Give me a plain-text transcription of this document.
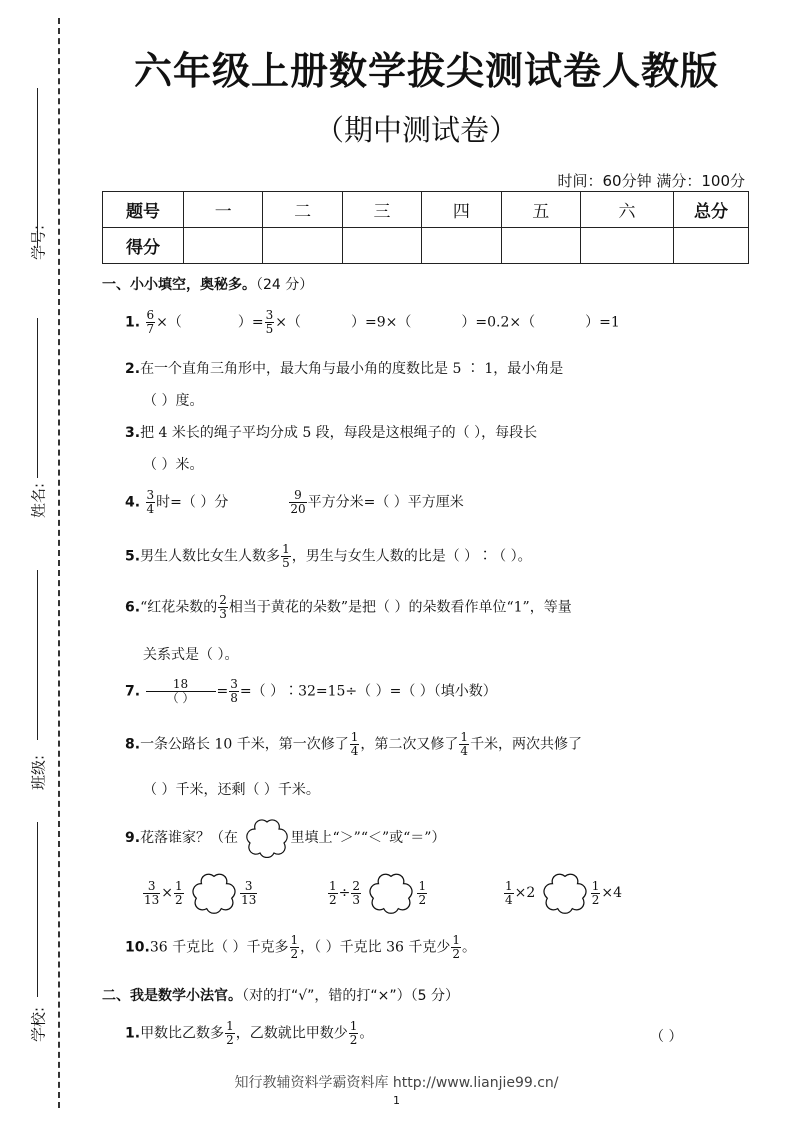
学号:
姓名:
班级:
学校:
六年级上册数学拔尖测试卷人教版
（期中测试卷）
时间：60分钟 满分：100分
题号	一	二	三	四	五	六	总分
得分							
一、小小填空，奥秘多。（24 分）
1. $\frac{6}{7}$ ×（	）= $\frac{3}{5}$ ×（	）=9×（	）=0.2×（	）=1
2.在一个直角三角形中，最大角与最小角的度数比是 5 ∶ 1，最小角是
（ ）度。
3.把 4 米长的绳子平均分成 5 段，每段是这根绳子的（ ），每段长
（ ）米。
4. $\frac{3}{4}$ 时=（ ）分	$\frac{9}{20}$ 平方分米=（ ）平方厘米
5.男生人数比女生人数多 $\frac{1}{5}$ ，男生与女生人数的比是（ ）∶（ ）。
6.“红花朵数的 $\frac{2}{3}$ 相当于黄花的朵数”是把（ ）的朵数看作单位“1”，等量
关系式是（ ）。
7. $\frac{18}{( )} = \frac{3}{8}$ =（ ）∶32=15÷（ ）=（ ）（填小数）
8.一条公路长 10 千米，第一次修了 $\frac{1}{4}$ ，第二次又修了 $\frac{1}{4}$ 千米，两次共修了
（ ）千米，还剩（ ）千米。
9.花落谁家？（在	里填上“＞”“＜”或“＝”）
$\frac{3}{13} \times \frac{1}{2}$
	$\frac{3}{13}$	$\frac{1}{2} \div \frac{2}{3}$
	$\frac{1}{2}$	$\frac{1}{4} \times 2$	$\frac{1}{2} \times 4$
10.36 千克比（ ）千克多 $\frac{1}{2}$ ，（ ）千克比 36 千克少 $\frac{1}{2}$ 。
二、我是数学小法官。（对的打“√”，错的打“×”）（5 分）
1.甲数比乙数多 $\frac{1}{2}$ ，乙数就比甲数少 $\frac{1}{2}$ 。	（ ）
知行教辅资料学霸资料库 http://www.lianjie99.cn/
1
